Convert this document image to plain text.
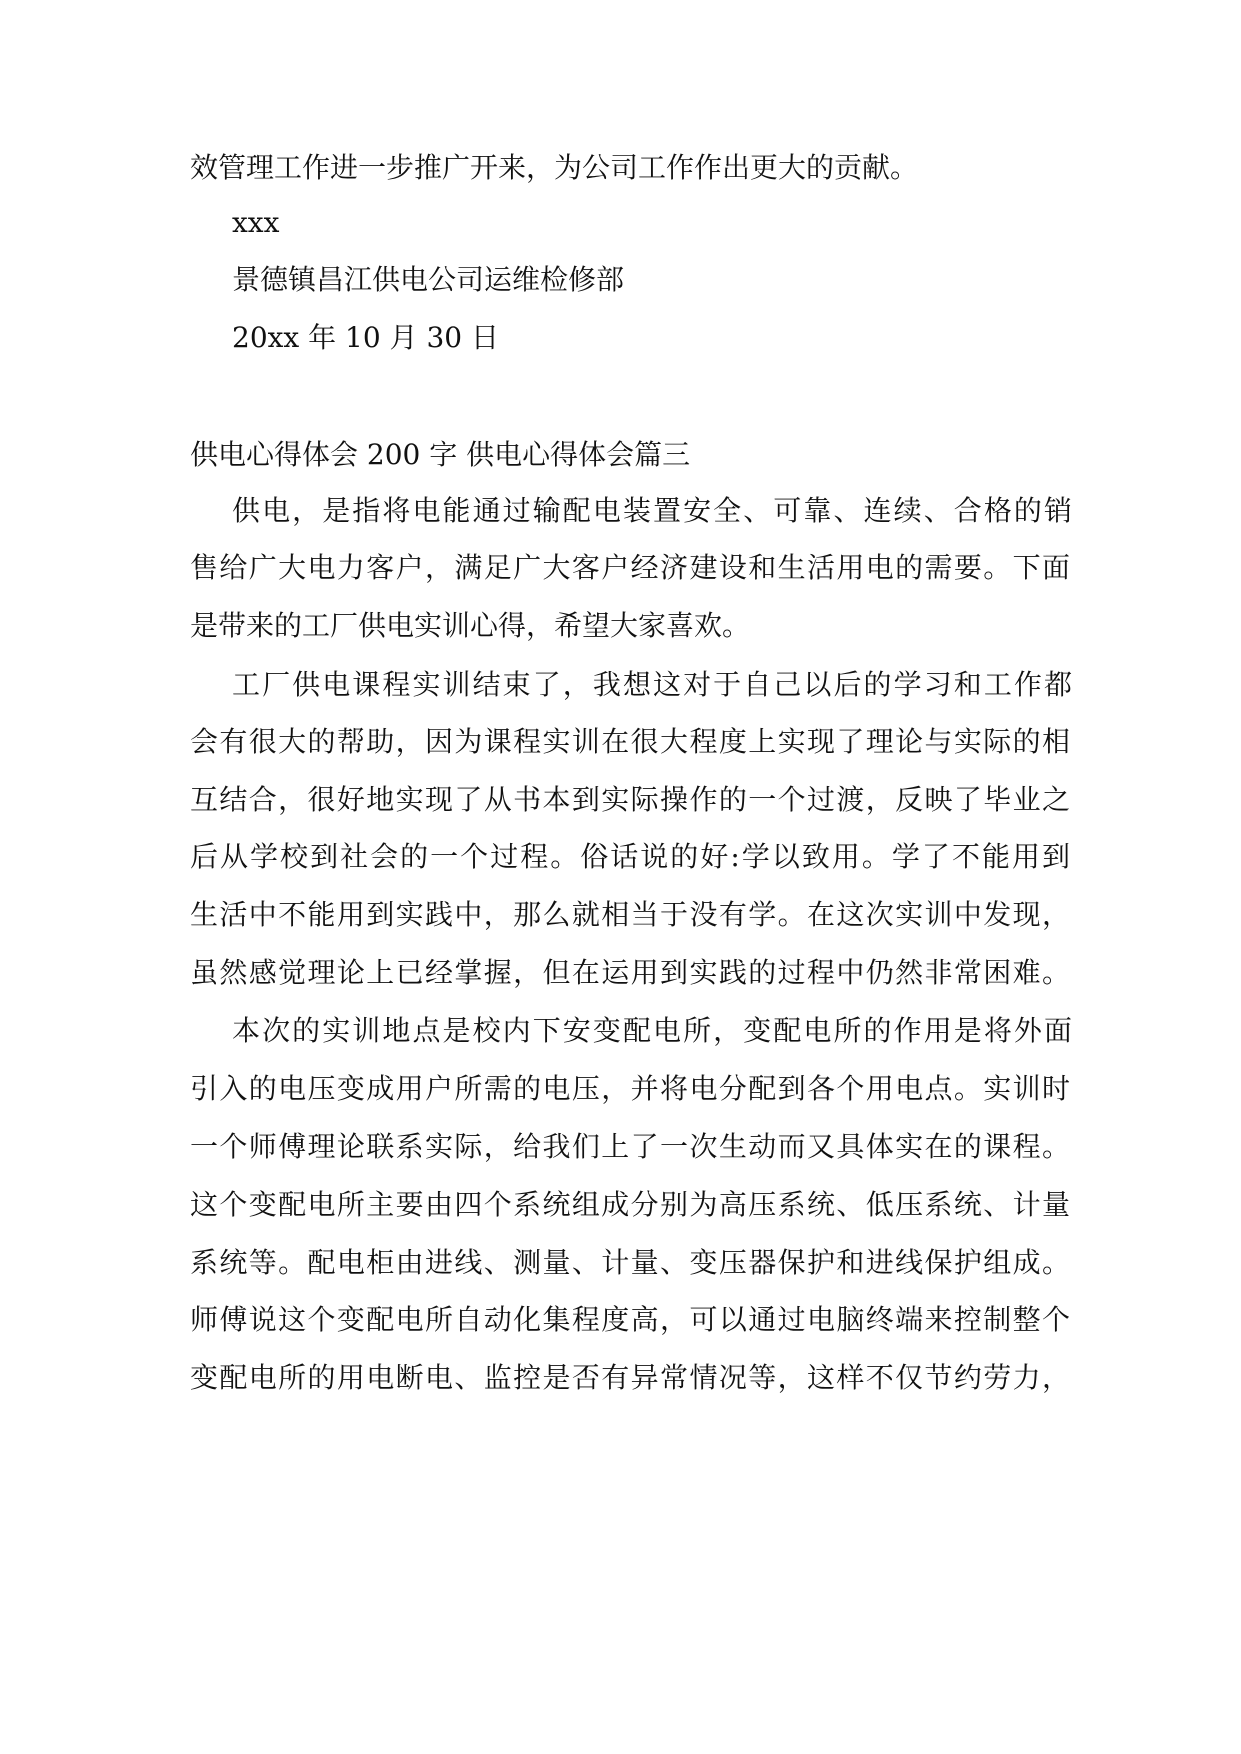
效管理工作进一步推广开来，为公司工作作出更大的贡献。
xxx
景德镇昌江供电公司运维检修部
20xx 年 10 月 30 日
供电心得体会 200 字 供电心得体会篇三
供电，是指将电能通过输配电装置安全、可靠、连续、合格的销
售给广大电力客户，满足广大客户经济建设和生活用电的需要。下面
是带来的工厂供电实训心得，希望大家喜欢。
工厂供电课程实训结束了，我想这对于自己以后的学习和工作都
会有很大的帮助，因为课程实训在很大程度上实现了理论与实际的相
互结合，很好地实现了从书本到实际操作的一个过渡，反映了毕业之
后从学校到社会的一个过程。俗话说的好:学以致用。学了不能用到
生活中不能用到实践中，那么就相当于没有学。在这次实训中发现，
虽然感觉理论上已经掌握，但在运用到实践的过程中仍然非常困难。
本次的实训地点是校内下安变配电所，变配电所的作用是将外面
引入的电压变成用户所需的电压，并将电分配到各个用电点。实训时
一个师傅理论联系实际，给我们上了一次生动而又具体实在的课程。
这个变配电所主要由四个系统组成分别为高压系统、低压系统、计量
系统等。配电柜由进线、测量、计量、变压器保护和进线保护组成。
师傅说这个变配电所自动化集程度高，可以通过电脑终端来控制整个
变配电所的用电断电、监控是否有异常情况等，这样不仅节约劳力，
